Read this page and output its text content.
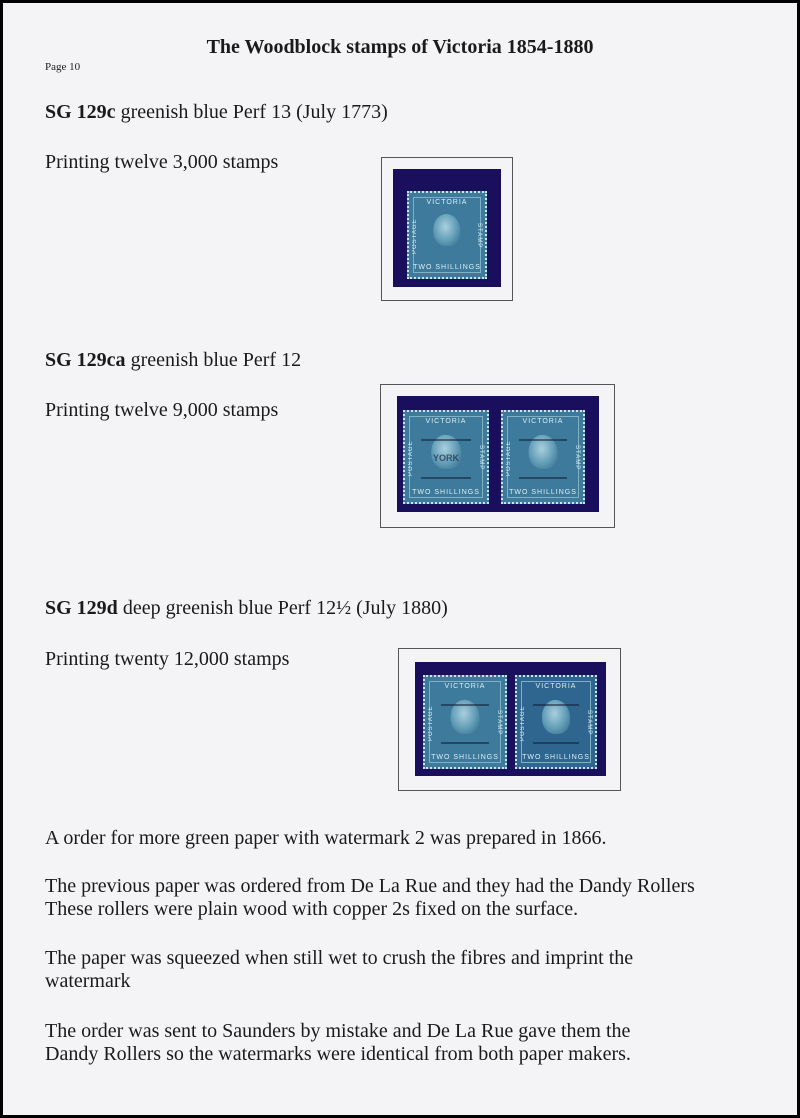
The Woodblock stamps of Victoria 1854-1880
Page 10
SG 129c greenish blue Perf 13 (July 1773)
Printing twelve 3,000 stamps
VICTORIA
POSTAGE	STAMP
TWO SHILLINGS
SG 129ca greenish blue Perf 12
Printing twelve 9,000 stamps
VICTORIA
POSTAGE	STAMP
YORK
TWO SHILLINGS
VICTORIA
POSTAGE	STAMP
TWO SHILLINGS
SG 129d deep greenish blue Perf 12½ (July 1880)
Printing twenty 12,000 stamps
VICTORIA
POSTAGE	STAMP
TWO SHILLINGS
VICTORIA
POSTAGE	STAMP
TWO SHILLINGS
A order for more green paper with watermark 2 was prepared in 1866.
The previous paper was ordered from De La Rue and they had the Dandy Rollers
These rollers were plain wood with copper 2s fixed on the surface.
The paper was squeezed when still wet to crush the fibres and imprint the
watermark
The order was sent to Saunders by mistake and De La Rue gave them the
Dandy Rollers so the watermarks were identical from both paper makers.
